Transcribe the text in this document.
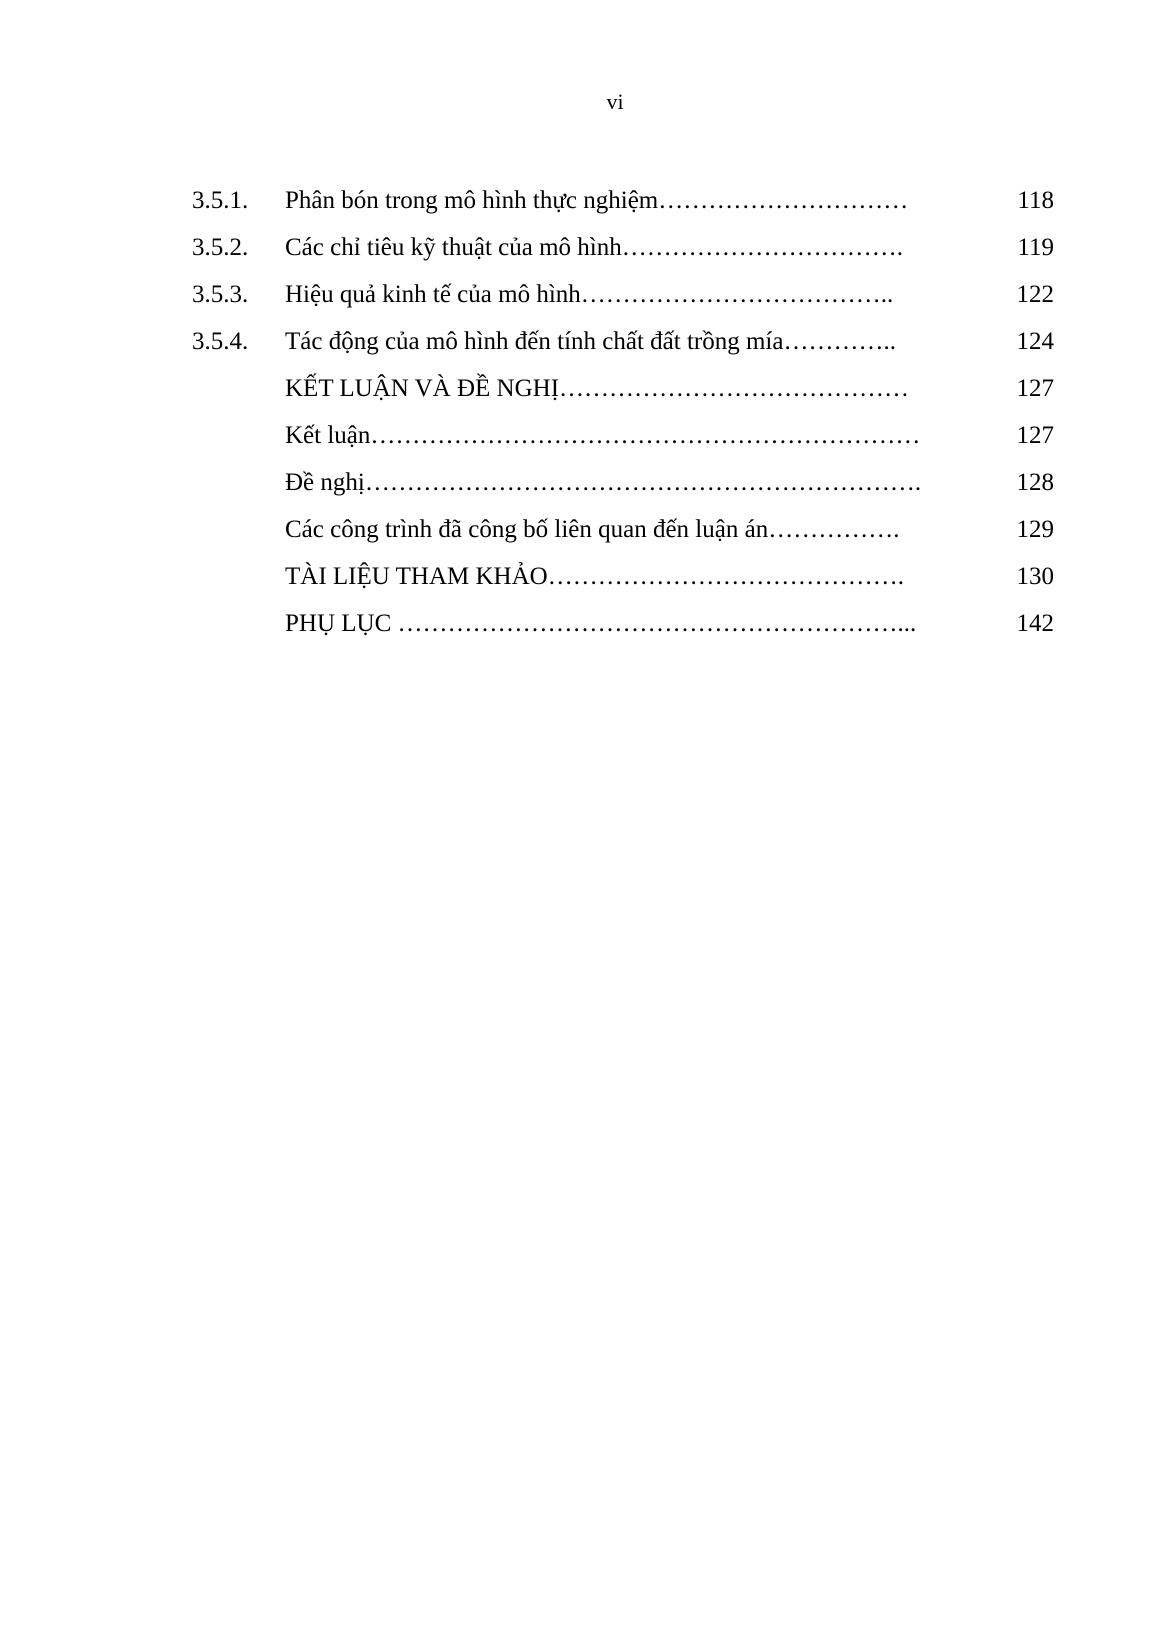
vi
3.5.1. Phân bón trong mô hình thực nghiệm…………………………	118
3.5.2. Các chỉ tiêu kỹ thuật của mô hình…………………………….	119
3.5.3. Hiệu quả kinh tế của mô hình………………………………..	122
3.5.4. Tác động của mô hình đến tính chất đất trồng mía…………..	124
KẾT LUẬN VÀ ĐỀ NGHỊ……………………………………	127
Kết luận…………………………………………………………	127
Đề nghị………………………………………………………….	128
Các công trình đã công bố liên quan đến luận án…………….	129
TÀI LIỆU THAM KHẢO…………………………………….	130
PHỤ LỤC ……………………………………………………...	142
